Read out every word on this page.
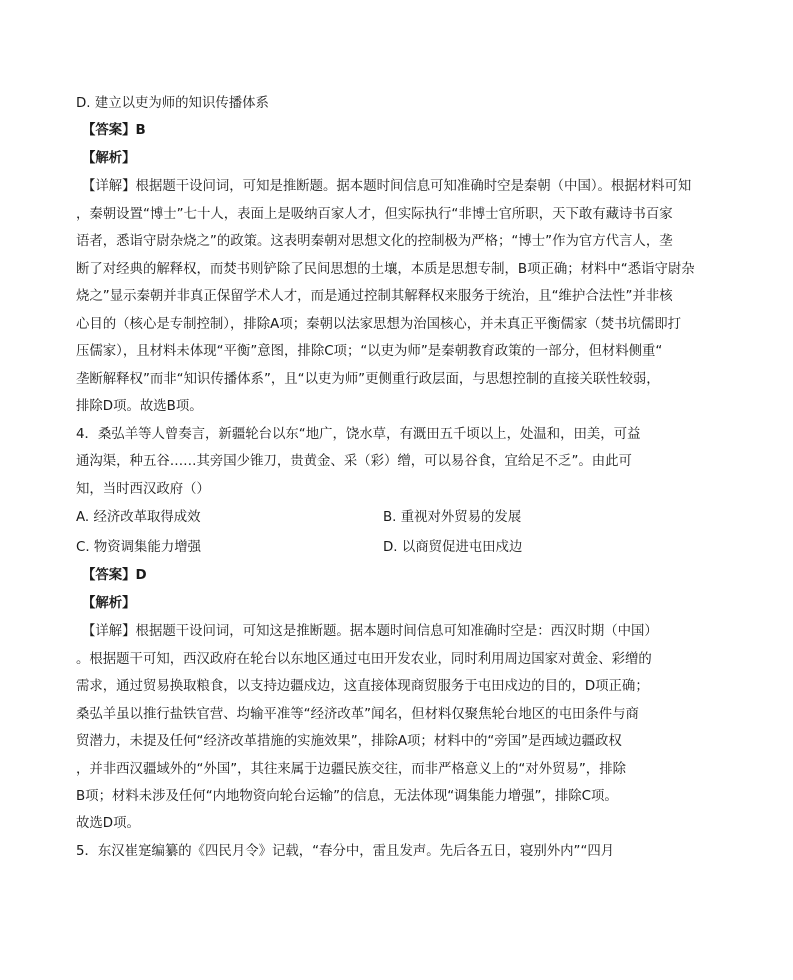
D. 建立以吏为师的知识传播体系
【答案】B
【解析】
【详解】根据题干设问词，可知是推断题。据本题时间信息可知准确时空是秦朝（中国）。根据材料可知
，秦朝设置“博士”七十人，表面上是吸纳百家人才，但实际执行“非博士官所职，天下敢有藏诗书百家
语者，悉诣守尉杂烧之”的政策。这表明秦朝对思想文化的控制极为严格；“博士”作为官方代言人，垄
断了对经典的解释权，而焚书则铲除了民间思想的土壤，本质是思想专制，B项正确；材料中“悉诣守尉杂
烧之”显示秦朝并非真正保留学术人才，而是通过控制其解释权来服务于统治，且“维护合法性”并非核
心目的（核心是专制控制），排除A项；秦朝以法家思想为治国核心，并未真正平衡儒家（焚书坑儒即打
压儒家），且材料未体现“平衡”意图，排除C项；“以吏为师”是秦朝教育政策的一部分，但材料侧重“
垄断解释权”而非“知识传播体系”，且“以吏为师”更侧重行政层面，与思想控制的直接关联性较弱，
排除D项。故选B项。
4．桑弘羊等人曾奏言，新疆轮台以东“地广，饶水草，有溉田五千顷以上，处温和，田美，可益
通沟渠，种五谷……其旁国少锥刀，贵黄金、采（彩）缯，可以易谷食，宜给足不乏”。由此可
知，当时西汉政府（）
A. 经济改革取得成效	B. 重视对外贸易的发展
C. 物资调集能力增强	D. 以商贸促进屯田戍边
【答案】D
【解析】
【详解】根据题干设问词，可知这是推断题。据本题时间信息可知准确时空是：西汉时期（中国）
。根据题干可知，西汉政府在轮台以东地区通过屯田开发农业，同时利用周边国家对黄金、彩缯的
需求，通过贸易换取粮食，以支持边疆戍边，这直接体现商贸服务于屯田戍边的目的，D项正确；
桑弘羊虽以推行盐铁官营、均输平准等“经济改革”闻名，但材料仅聚焦轮台地区的屯田条件与商
贸潜力，未提及任何“经济改革措施的实施效果”，排除A项；材料中的“旁国”是西域边疆政权
，并非西汉疆域外的“外国”，其往来属于边疆民族交往，而非严格意义上的“对外贸易”，排除
B项；材料未涉及任何“内地物资向轮台运输”的信息，无法体现“调集能力增强”，排除C项。
故选D项。
5．东汉崔寔编纂的《四民月令》记载，“春分中，雷且发声。先后各五日，寝别外内”“四月
